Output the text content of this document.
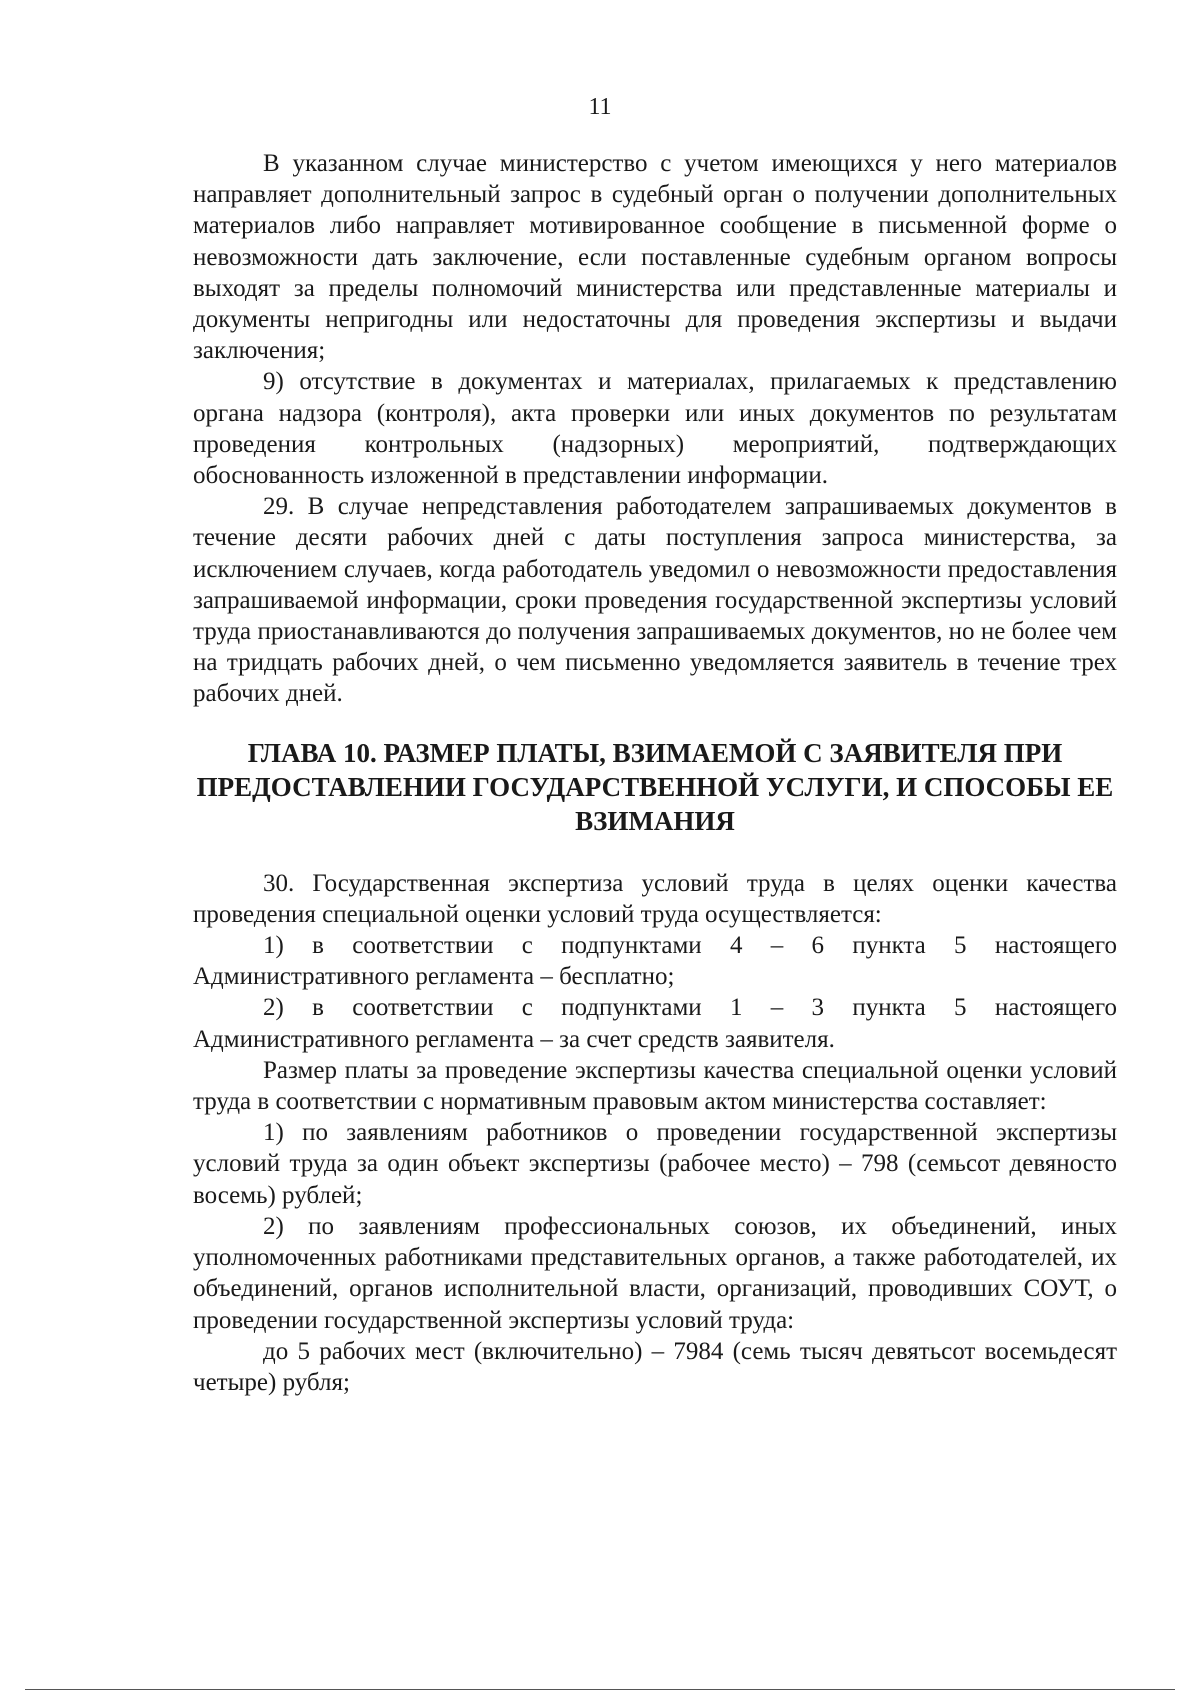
11

В указанном случае министерство с учетом имеющихся у него материалов направляет дополнительный запрос в судебный орган о получении дополнительных материалов либо направляет мотивированное сообщение в письменной форме о невозможности дать заключение, если поставленные судебным органом вопросы выходят за пределы полномочий министерства или представленные материалы и документы непригодны или недостаточны для проведения экспертизы и выдачи заключения;

9) отсутствие в документах и материалах, прилагаемых к представлению органа надзора (контроля), акта проверки или иных документов по результатам проведения контрольных (надзорных) мероприятий, подтверждающих обоснованность изложенной в представлении информации.

29. В случае непредставления работодателем запрашиваемых документов в течение десяти рабочих дней с даты поступления запроса министерства, за исключением случаев, когда работодатель уведомил о невозможности предоставления запрашиваемой информации, сроки проведения государственной экспертизы условий труда приостанавливаются до получения запрашиваемых документов, но не более чем на тридцать рабочих дней, о чем письменно уведомляется заявитель в течение трех рабочих дней.

ГЛАВА 10. РАЗМЕР ПЛАТЫ, ВЗИМАЕМОЙ С ЗАЯВИТЕЛЯ ПРИ
ПРЕДОСТАВЛЕНИИ ГОСУДАРСТВЕННОЙ УСЛУГИ, И СПОСОБЫ ЕЕ
ВЗИМАНИЯ

30. Государственная экспертиза условий труда в целях оценки качества проведения специальной оценки условий труда осуществляется:

1) в соответствии с подпунктами 4 – 6 пункта 5 настоящего Административного регламента – бесплатно;

2) в соответствии с подпунктами 1 – 3 пункта 5 настоящего Административного регламента – за счет средств заявителя.

Размер платы за проведение экспертизы качества специальной оценки условий труда в соответствии с нормативным правовым актом министерства составляет:

1) по заявлениям работников о проведении государственной экспертизы условий труда за один объект экспертизы (рабочее место) – 798 (семьсот девяносто восемь) рублей;

2) по заявлениям профессиональных союзов, их объединений, иных уполномоченных работниками представительных органов, а также работодателей, их объединений, органов исполнительной власти, организаций, проводивших СОУТ, о проведении государственной экспертизы условий труда:

до 5 рабочих мест (включительно) – 7984 (семь тысяч девятьсот восемьдесят четыре) рубля;
